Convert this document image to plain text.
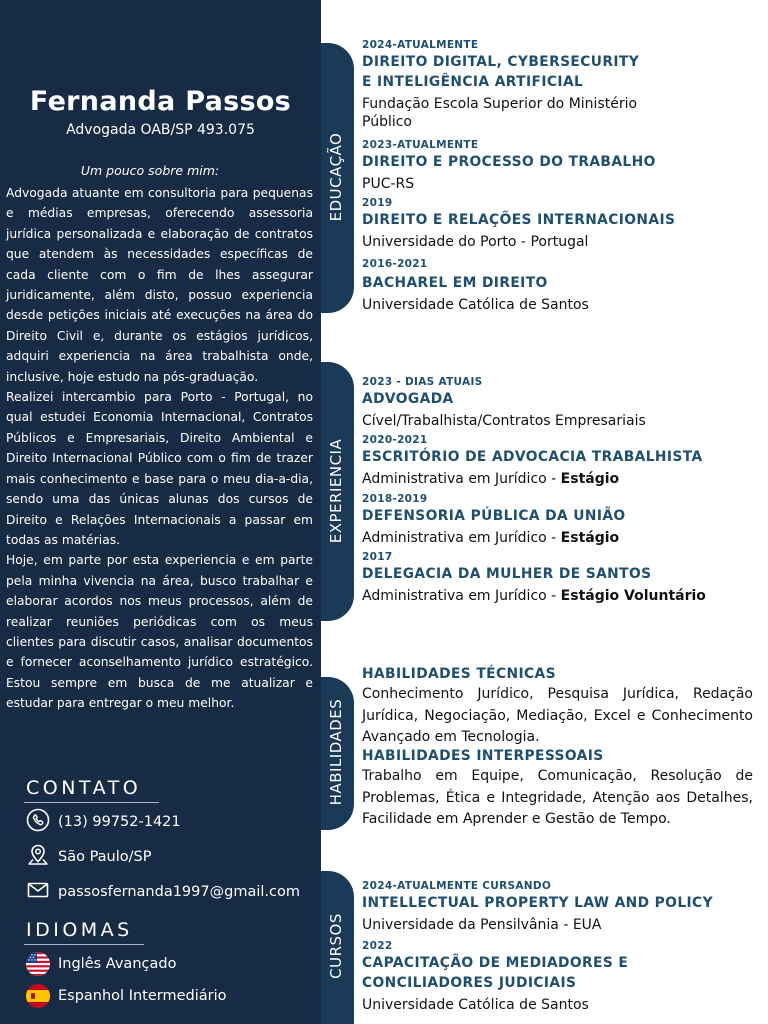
Fernanda Passos
Advogada OAB/SP 493.075
Um pouco sobre mim:

Advogada atuante em consultoria para pequenas e médias empresas, oferecendo assessoria jurídica personalizada e elaboração de contratos que atendem às necessidades específicas de cada cliente com o fim de lhes assegurar juridicamente, além disto, possuo experiencia desde petições iniciais até execuções na área do Direito Civil e, durante os estágios jurídicos, adquiri experiencia na área trabalhista onde, inclusive, hoje estudo na pós-graduação.

Realizei intercambio para Porto - Portugal, no qual estudei Economia Internacional, Contratos Públicos e Empresariais, Direito Ambiental e Direito Internacional Público com o fim de trazer mais conhecimento e base para o meu dia-a-dia, sendo uma das únicas alunas dos cursos de Direito e Relações Internacionais a passar em todas as matérias.

Hoje, em parte por esta experiencia e em parte pela minha vivencia na área, busco trabalhar e elaborar acordos nos meus processos, além de realizar reuniões periódicas com os meus clientes para discutir casos, analisar documentos e fornecer aconselhamento jurídico estratégico. Estou sempre em busca de me atualizar e estudar para entregar o meu melhor.

CONTATO
(13) 99752-1421
São Paulo/SP
passosfernanda1997@gmail.com
IDIOMAS
Inglês Avançado
Espanhol Intermediário
EDUCAÇÃO
EXPERIENCIA
HABILIDADES
CURSOS
2024-ATUALMENTE
DIREITO DIGITAL, CYBERSECURITY E INTELIGÊNCIA ARTIFICIAL
Fundação Escola Superior do Ministério Público
2023-ATUALMENTE
DIREITO E PROCESSO DO TRABALHO
PUC-RS
2019
DIREITO E RELAÇÕES INTERNACIONAIS
Universidade do Porto - Portugal
2016-2021
BACHAREL EM DIREITO
Universidade Católica de Santos
2023 - DIAS ATUAIS
ADVOGADA
Cível/Trabalhista/Contratos Empresariais
2020-2021
ESCRITÓRIO DE ADVOCACIA TRABALHISTA
Administrativa em Jurídico - Estágio
2018-2019
DEFENSORIA PÚBLICA DA UNIÃO
Administrativa em Jurídico - Estágio
2017
DELEGACIA DA MULHER DE SANTOS
Administrativa em Jurídico - Estágio Voluntário
HABILIDADES TÉCNICAS
Conhecimento Jurídico, Pesquisa Jurídica, Redação Jurídica, Negociação, Mediação, Excel e Conhecimento Avançado em Tecnologia.
HABILIDADES INTERPESSOAIS
Trabalho em Equipe, Comunicação, Resolução de Problemas, Ética e Integridade, Atenção aos Detalhes, Facilidade em Aprender e Gestão de Tempo.
2024-ATUALMENTE CURSANDO
INTELLECTUAL PROPERTY LAW AND POLICY
Universidade da Pensilvânia - EUA
2022
CAPACITAÇÃO DE MEDIADORES E CONCILIADORES JUDICIAIS
Universidade Católica de Santos
